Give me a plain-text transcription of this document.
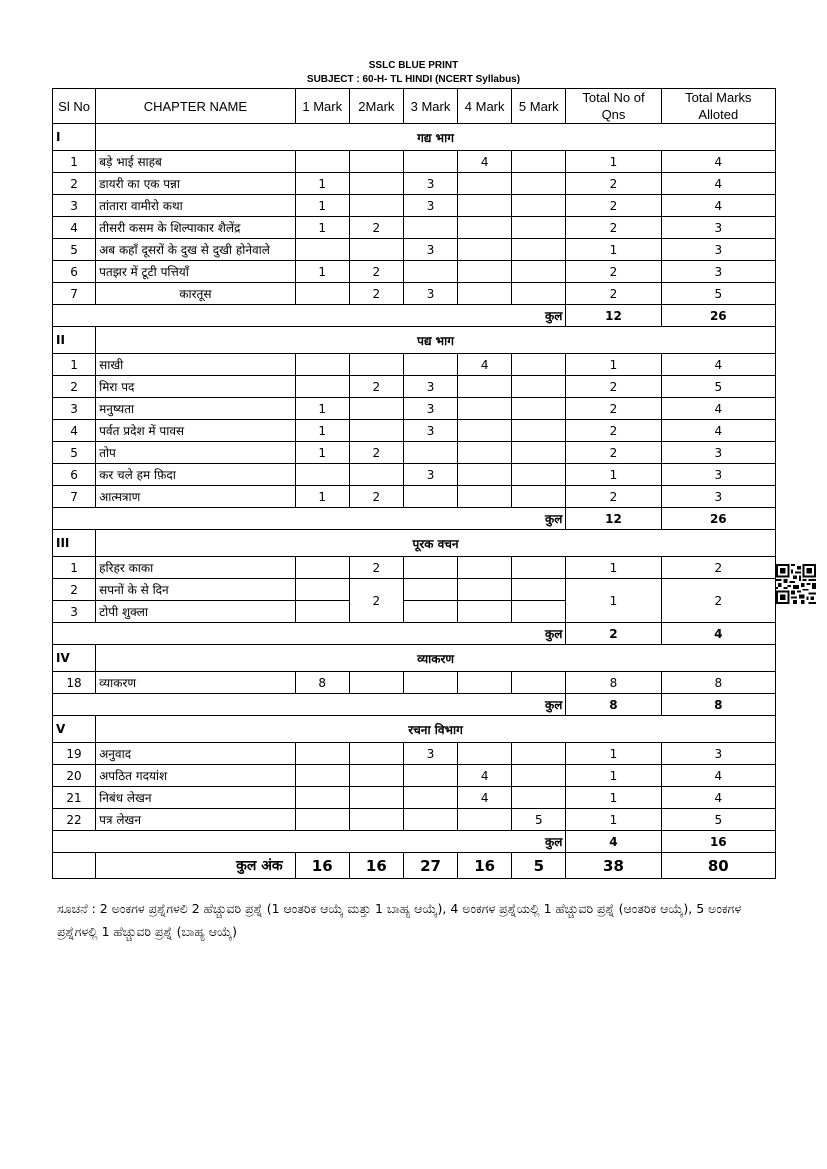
SSLC BLUE PRINT
SUBJECT : 60-H- TL HINDI (NCERT Syllabus)
Sl No	CHAPTER NAME	1 Mark	2Mark	3 Mark	4 Mark	5 Mark	Total No of Qns	Total Marks Alloted
I	गद्य भाग							
1	बड़े भाई साहब				4		1	4
2	डायरी का एक पन्ना	1		3			2	4
3	तांतारा वामीरो कथा	1		3			2	4
4	तीसरी कसम के शिल्पाकार शैलेंद्र	1	2				2	3
5	अब कहाँ दूसरों के दुख से दुखी होनेवाले			3			1	3
6	पतझर में टूटी पत्तियाँ	1	2				2	3
7	कारतूस		2	3			2	5
कुल							12	26
II	पद्य भाग							
1	साखी				4		1	4
2	मिरा पद		2	3			2	5
3	मनुष्यता	1		3			2	4
4	पर्वत प्रदेश में पावस	1		3			2	4
5	तोप	1	2				2	3
6	कर चले हम फ़िदा			3			1	3
7	आत्मत्राण	1	2				2	3
कुल							12	26
III	पूरक वचन							
1	हरिहर काका		2				1	2
2	सपनों के से दिन		2				1	2
3	टोपी शुक्ला							
कुल							2	4
IV	व्याकरण							
18	व्याकरण	8					8	8
कुल							8	8
V	रचना विभाग							
19	अनुवाद			3			1	3
20	अपठित गदयांश				4		1	4
21	निबंध लेखन				4		1	4
22	पत्र लेखन					5	1	5
कुल							4	16
	कुल अंक	16	16	27	16	5	38	80
ಸೂಚನೆ : 2 ಅಂಕಗಳ ಪ್ರಶ್ನೆಗಳಲಿ 2 ಹೆಚ್ಚುವರಿ ಪ್ರಶ್ನೆ (1 ಆಂತರಿಕ ಆಯ್ಕೆ ಮತ್ತು 1 ಬಾಹ್ಯ ಆಯ್ಕೆ), 4 ಅಂಕಗಳ ಪ್ರಶ್ನೆಯಲ್ಲಿ 1 ಹೆಚ್ಚುವರಿ ಪ್ರಶ್ನೆ (ಆಂತರಿಕ ಆಯ್ಕೆ), 5 ಅಂಕಗಳ ಪ್ರಶ್ನೆಗಳಲ್ಲಿ 1 ಹೆಚ್ಚುವರಿ ಪ್ರಶ್ನೆ (ಬಾಹ್ಯ ಆಯ್ಕೆ)
